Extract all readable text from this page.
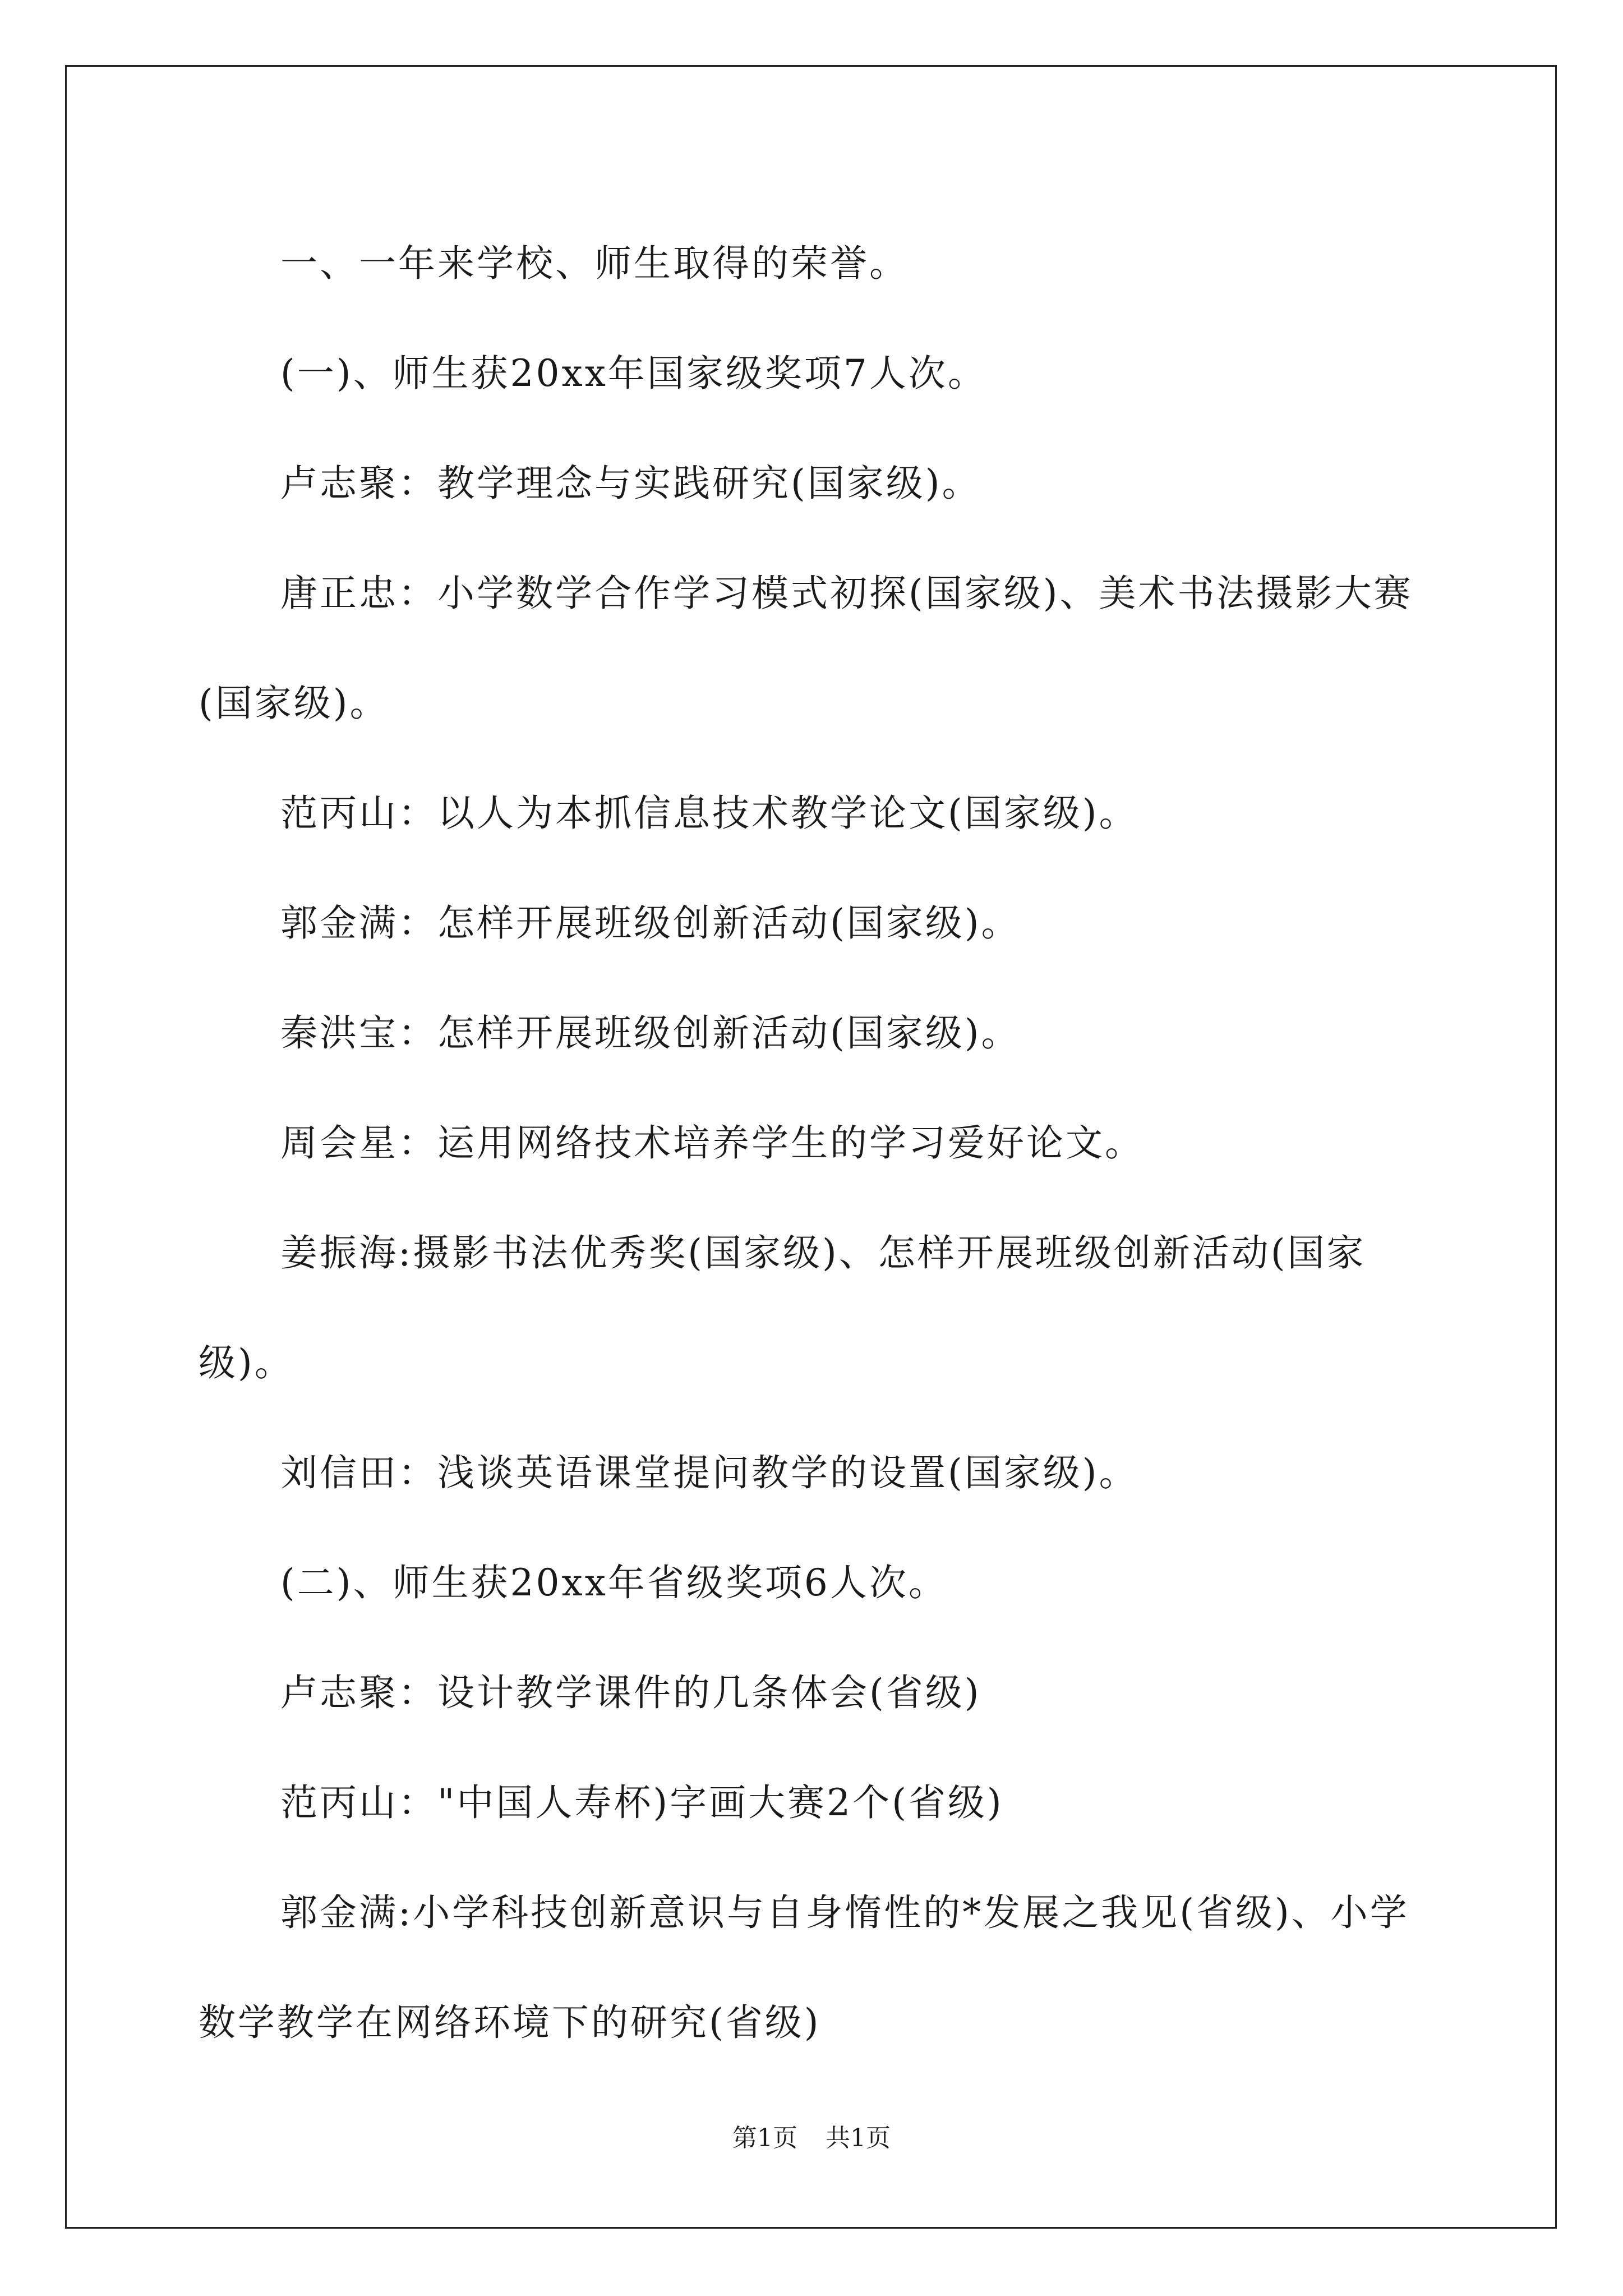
一、一年来学校、师生取得的荣誉。

(一)、师生获20xx年国家级奖项7人次。

卢志聚：教学理念与实践研究(国家级)。

唐正忠：小学数学合作学习模式初探(国家级)、美术书法摄影大赛(国家级)。

范丙山：以人为本抓信息技术教学论文(国家级)。

郭金满：怎样开展班级创新活动(国家级)。

秦洪宝：怎样开展班级创新活动(国家级)。

周会星：运用网络技术培养学生的学习爱好论文。

姜振海:摄影书法优秀奖(国家级)、怎样开展班级创新活动(国家级)。

刘信田：浅谈英语课堂提问教学的设置(国家级)。

(二)、师生获20xx年省级奖项6人次。

卢志聚：设计教学课件的几条体会(省级)

范丙山："中国人寿杯)字画大赛2个(省级)

郭金满:小学科技创新意识与自身惰性的*发展之我见(省级)、小学数学教学在网络环境下的研究(省级)

第1页 共1页
